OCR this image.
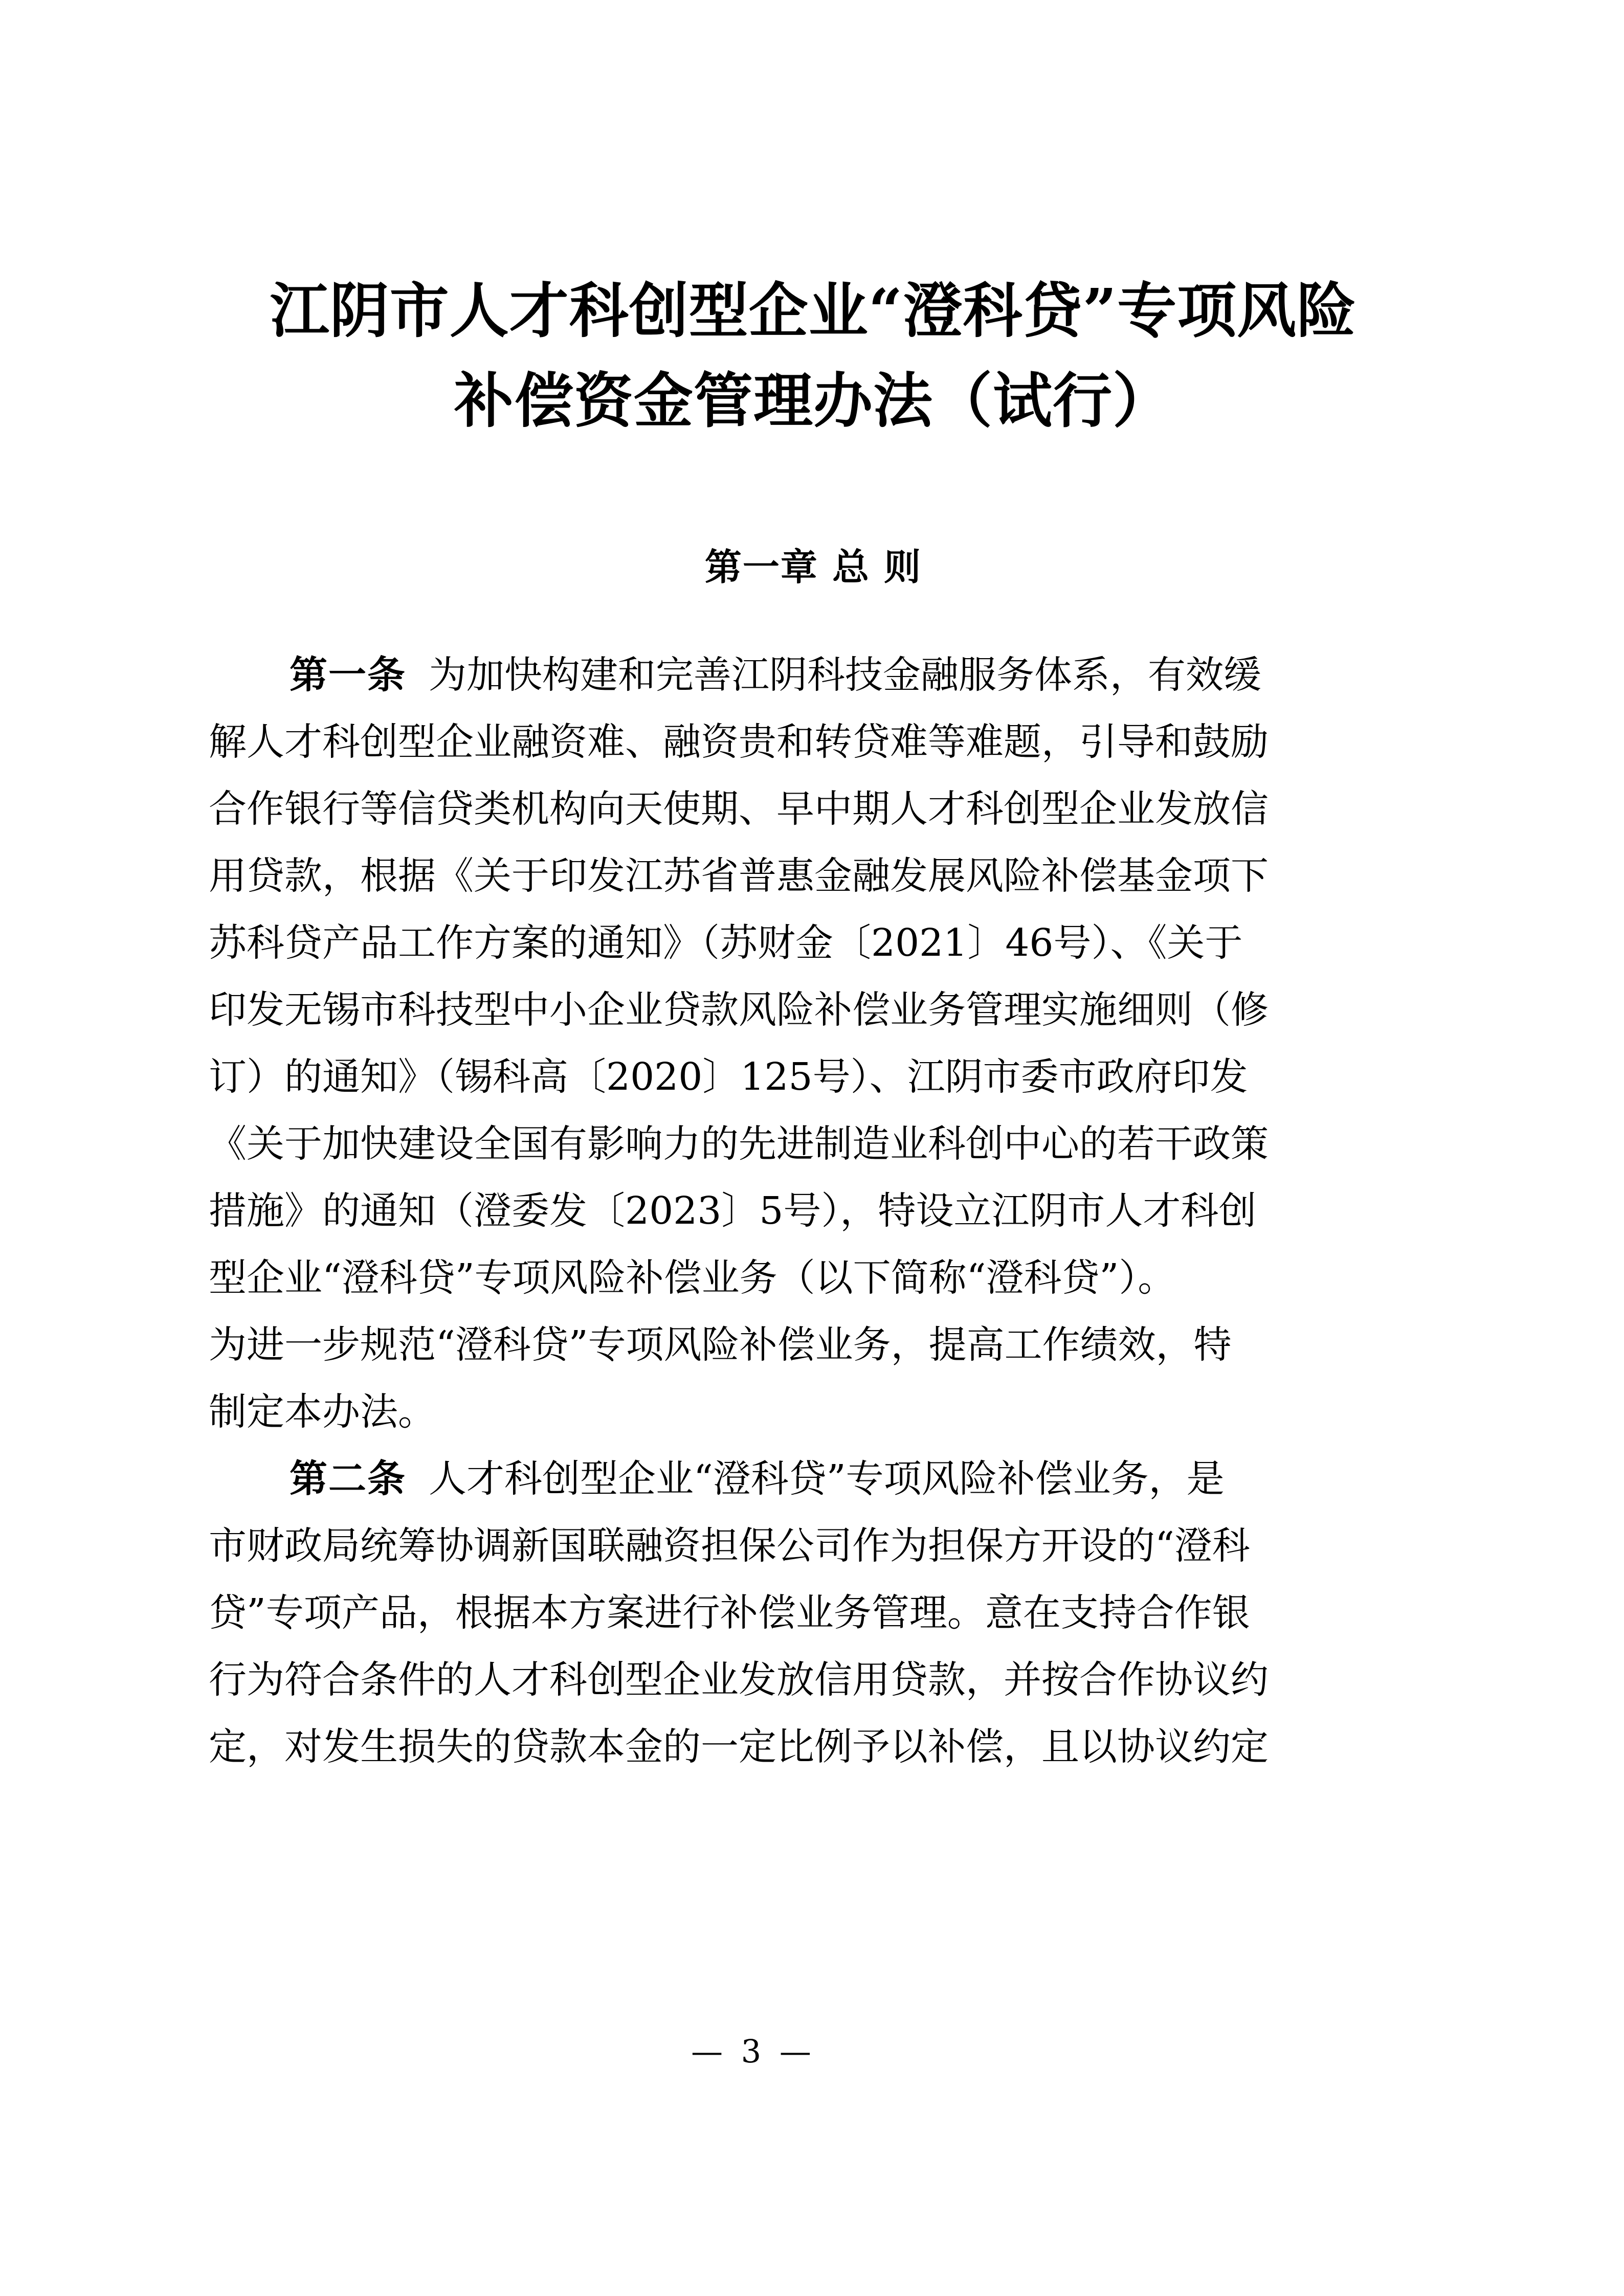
江阴市人才科创型企业“澄科贷”专项风险
补偿资金管理办法（试行）
第一章 总 则
第一条 为加快构建和完善江阴科技金融服务体系，有效缓
解人才科创型企业融资难、融资贵和转贷难等难题，引导和鼓励
合作银行等信贷类机构向天使期、早中期人才科创型企业发放信
用贷款，根据《关于印发江苏省普惠金融发展风险补偿基金项下
苏科贷产品工作方案的通知》（苏财金〔2021〕46号）、《关于
印发无锡市科技型中小企业贷款风险补偿业务管理实施细则（修
订）的通知》（锡科高〔2020〕125号）、江阴市委市政府印发
《关于加快建设全国有影响力的先进制造业科创中心的若干政策
措施》的通知（澄委发〔2023〕5号），特设立江阴市人才科创
型企业“澄科贷”专项风险补偿业务（以下简称“澄科贷”）。
为进一步规范“澄科贷”专项风险补偿业务，提高工作绩效，特
制定本办法。
第二条 人才科创型企业“澄科贷”专项风险补偿业务，是
市财政局统筹协调新国联融资担保公司作为担保方开设的“澄科
贷”专项产品，根据本方案进行补偿业务管理。意在支持合作银
行为符合条件的人才科创型企业发放信用贷款，并按合作协议约
定，对发生损失的贷款本金的一定比例予以补偿，且以协议约定
— 3 —
